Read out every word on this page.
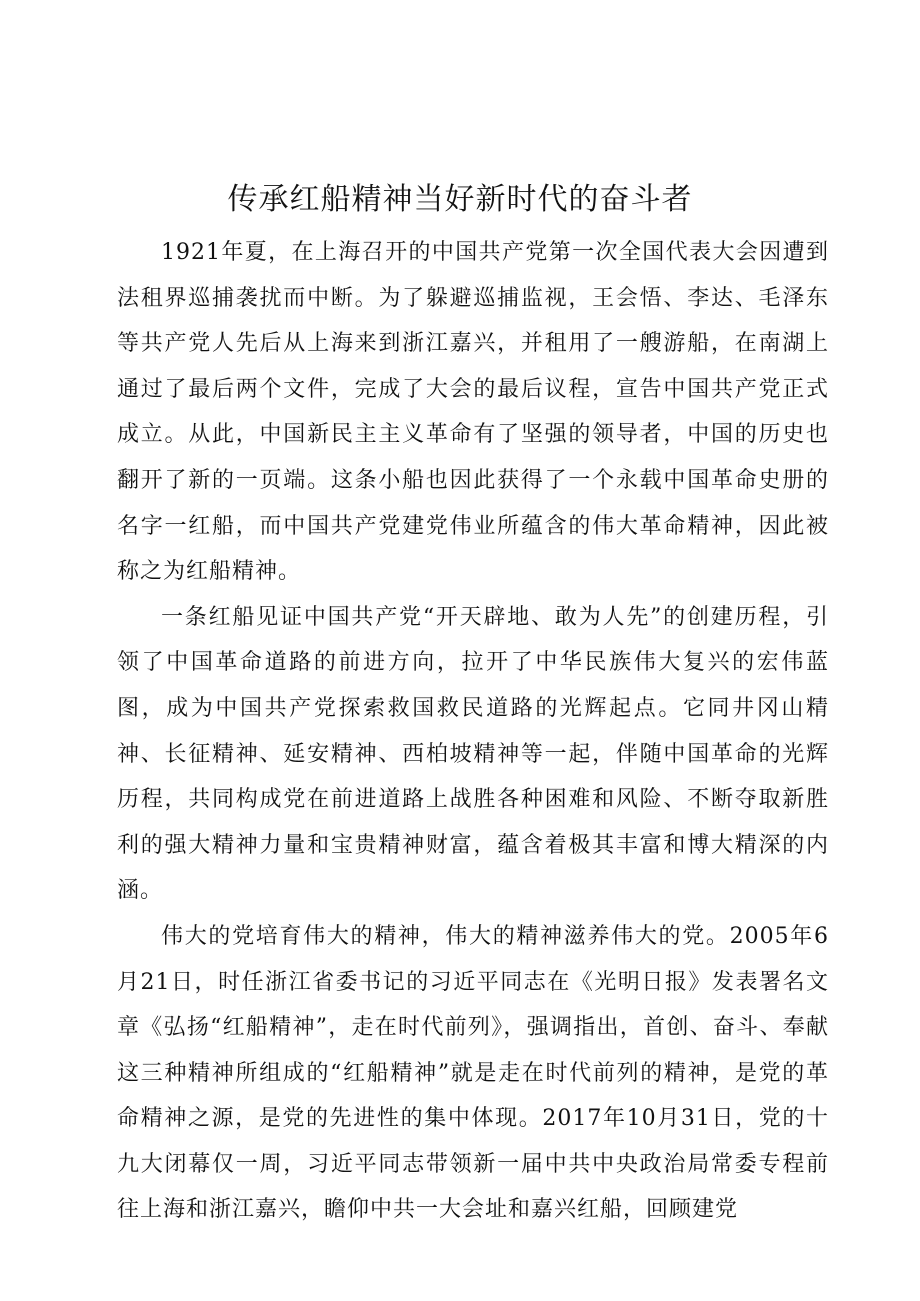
传承红船精神当好新时代的奋斗者

1921年夏，在上海召开的中国共产党第一次全国代表大会因遭到法租界巡捕袭扰而中断。为了躲避巡捕监视，王会悟、李达、毛泽东等共产党人先后从上海来到浙江嘉兴，并租用了一艘游船，在南湖上通过了最后两个文件，完成了大会的最后议程，宣告中国共产党正式成立。从此，中国新民主主义革命有了坚强的领导者，中国的历史也翻开了新的一页端。这条小船也因此获得了一个永载中国革命史册的名字一红船，而中国共产党建党伟业所蕴含的伟大革命精神，因此被称之为红船精神。

一条红船见证中国共产党“开天辟地、敢为人先”的创建历程，引领了中国革命道路的前进方向，拉开了中华民族伟大复兴的宏伟蓝图，成为中国共产党探索救国救民道路的光辉起点。它同井冈山精神、长征精神、延安精神、西柏坡精神等一起，伴随中国革命的光辉历程，共同构成党在前进道路上战胜各种困难和风险、不断夺取新胜利的强大精神力量和宝贵精神财富，蕴含着极其丰富和博大精深的内涵。

伟大的党培育伟大的精神，伟大的精神滋养伟大的党。2005年6月21日，时任浙江省委书记的习近平同志在《光明日报》发表署名文章《弘扬“红船精神”，走在时代前列》，强调指出，首创、奋斗、奉献这三种精神所组成的“红船精神”就是走在时代前列的精神，是党的革命精神之源，是党的先进性的集中体现。2017年10月31日，党的十九大闭幕仅一周，习近平同志带领新一届中共中央政治局常委专程前往上海和浙江嘉兴，瞻仰中共一大会址和嘉兴红船，回顾建党
